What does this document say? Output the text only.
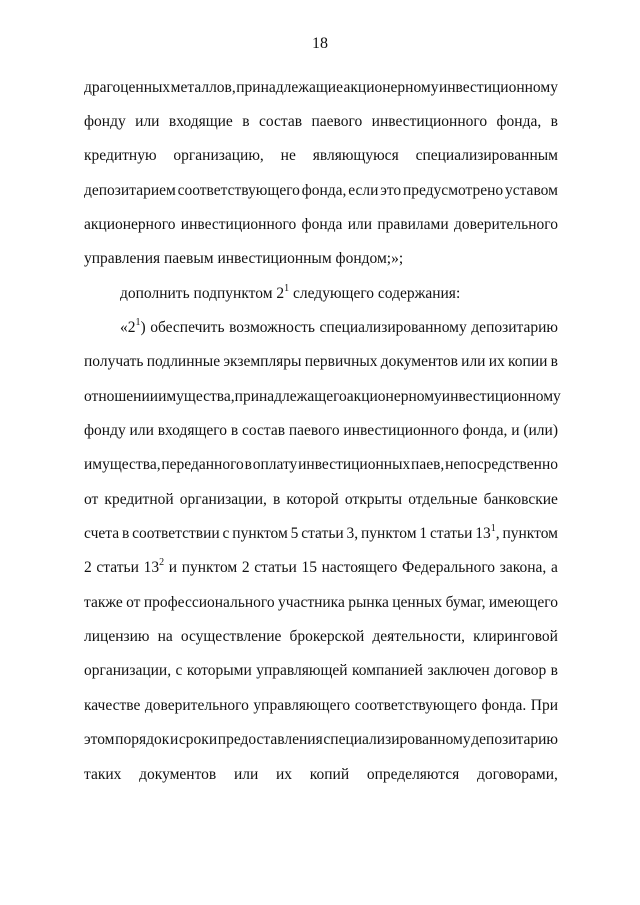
18
драгоценных металлов, принадлежащие акционерному инвестиционному
фонду или входящие в состав паевого инвестиционного фонда, в
кредитную организацию, не являющуюся специализированным
депозитарием соответствующего фонда, если это предусмотрено уставом
акционерного инвестиционного фонда или правилами доверительного
управления паевым инвестиционным фондом;»;
дополнить подпунктом $2^1$ следующего содержания:
«$2^1$) обеспечить возможность специализированному депозитарию
получать подлинные экземпляры первичных документов или их копии в
отношении имущества, принадлежащего акционерному инвестиционному
фонду или входящего в состав паевого инвестиционного фонда, и (или)
имущества, переданного в оплату инвестиционных паев, непосредственно
от кредитной организации, в которой открыты отдельные банковские
счета в соответствии с пунктом 5 статьи 3, пунктом 1 статьи $13^1$, пунктом
2 статьи $13^2$ и пунктом 2 статьи 15 настоящего Федерального закона, а
также от профессионального участника рынка ценных бумаг, имеющего
лицензию на осуществление брокерской деятельности, клиринговой
организации, с которыми управляющей компанией заключен договор в
качестве доверительного управляющего соответствующего фонда. При
этом порядок и сроки предоставления специализированному депозитарию
таких документов или их копий определяются договорами,
